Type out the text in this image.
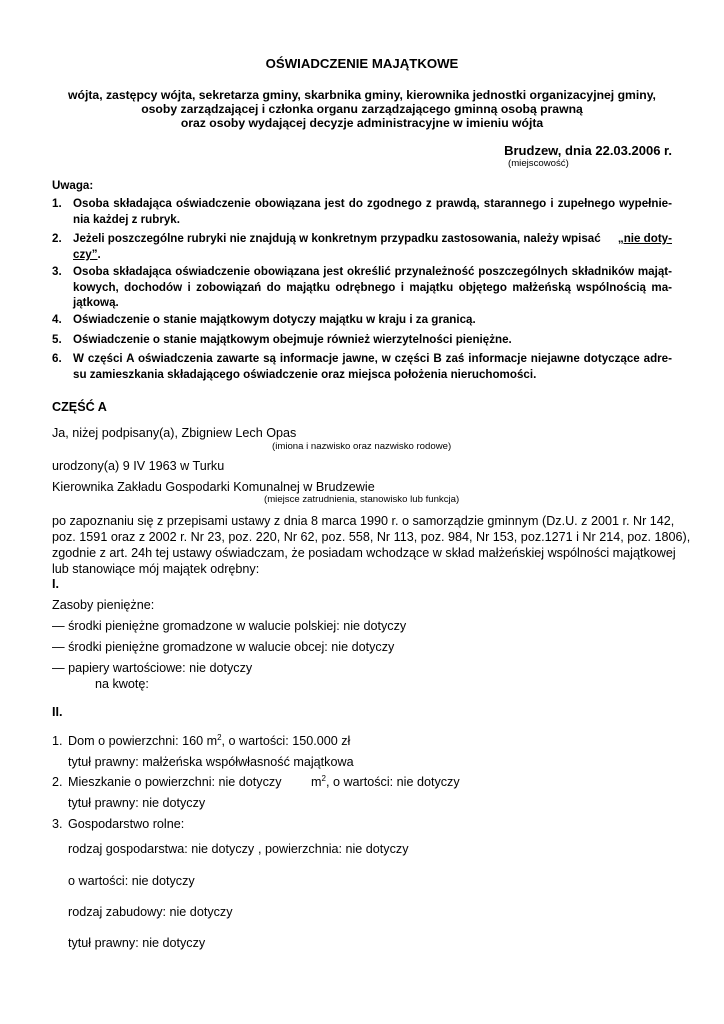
OŚWIADCZENIE MAJĄTKOWE
wójta, zastępcy wójta, sekretarza gminy, skarbnika gminy, kierownika jednostki organizacyjnej gminy,
osoby zarządzającej i członka organu zarządzającego gminną osobą prawną
oraz osoby wydającej decyzje administracyjne w imieniu wójta
Brudzew, dnia 22.03.2006 r.
(miejscowość)
Uwaga:
1. Osoba składająca oświadczenie obowiązana jest do zgodnego z prawdą, starannego i zupełnego wypełnie-
nia każdej z rubryk.
2. Jeżeli poszczególne rubryki nie znajdują w konkretnym przypadku zastosowania, należy wpisać „nie doty-
czy”.
3. Osoba składająca oświadczenie obowiązana jest określić przynależność poszczególnych składników mająt-
kowych, dochodów i zobowiązań do majątku odrębnego i majątku objętego małżeńską wspólnością ma-
jątkową.
4. Oświadczenie o stanie majątkowym dotyczy majątku w kraju i za granicą.
5. Oświadczenie o stanie majątkowym obejmuje również wierzytelności pieniężne.
6. W części A oświadczenia zawarte są informacje jawne, w części B zaś informacje niejawne dotyczące adre-
su zamieszkania składającego oświadczenie oraz miejsca położenia nieruchomości.
CZĘŚĆ A
Ja, niżej podpisany(a), Zbigniew Lech Opas
(imiona i nazwisko oraz nazwisko rodowe)
urodzony(a) 9 IV 1963 w Turku
Kierownika Zakładu Gospodarki Komunalnej w Brudzewie
(miejsce zatrudnienia, stanowisko lub funkcja)
po zapoznaniu się z przepisami ustawy z dnia 8 marca 1990 r. o samorządzie gminnym (Dz.U. z 2001 r. Nr 142,
poz. 1591 oraz z 2002 r. Nr 23, poz. 220, Nr 62, poz. 558, Nr 113, poz. 984, Nr 153, poz.1271 i Nr 214, poz. 1806),
zgodnie z art. 24h tej ustawy oświadczam, że posiadam wchodzące w skład małżeńskiej wspólności majątkowej
lub stanowiące mój majątek odrębny:
I.
Zasoby pieniężne:
— środki pieniężne gromadzone w walucie polskiej: nie dotyczy
— środki pieniężne gromadzone w walucie obcej: nie dotyczy
— papiery wartościowe: nie dotyczy
na kwotę:
II.
1. Dom o powierzchni: 160 $m^2$, o wartości: 150.000 zł
tytuł prawny: małżeńska współwłasność majątkowa
2. Mieszkanie o powierzchni: nie dotyczy $m^2$, o wartości: nie dotyczy
tytuł prawny: nie dotyczy
3. Gospodarstwo rolne:
rodzaj gospodarstwa: nie dotyczy , powierzchnia: nie dotyczy
o wartości: nie dotyczy
rodzaj zabudowy: nie dotyczy
tytuł prawny: nie dotyczy
